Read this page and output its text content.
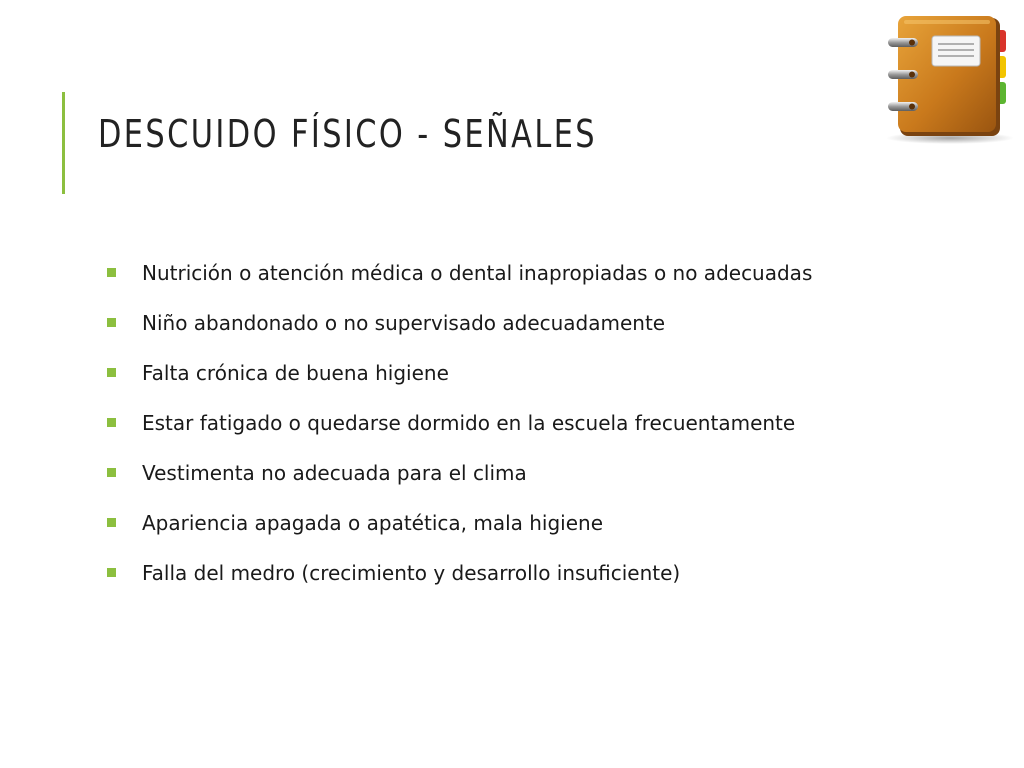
DESCUIDO FÍSICO - SEÑALES
Nutrición o atención médica o dental inapropiadas o no adecuadas
Niño abandonado o no supervisado adecuadamente
Falta crónica de buena higiene
Estar fatigado o quedarse dormido en la escuela frecuentamente
Vestimenta no adecuada para el clima
Apariencia apagada o apatética, mala higiene
Falla del medro (crecimiento y desarrollo insuficiente)
